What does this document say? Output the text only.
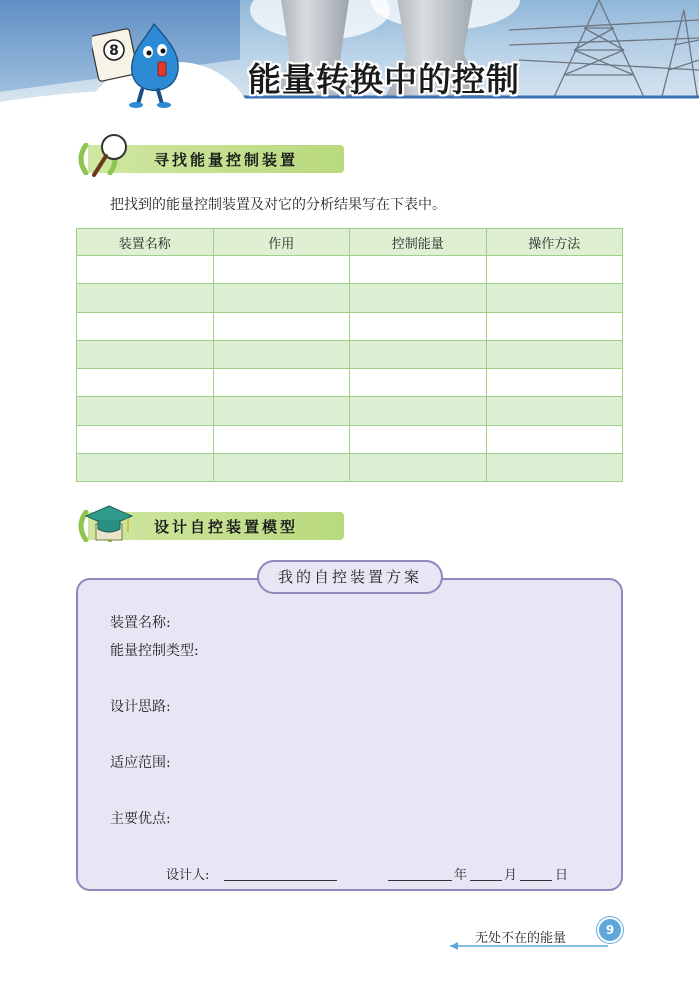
8
能量转换中的控制
寻找能量控制装置
把找到的能量控制装置及对它的分析结果写在下表中。
装置名称	作用	控制能量	操作方法

设计自控装置模型
我的自控装置方案
装置名称:
能量控制类型:
设计思路:
适应范围:
主要优点:
设计人:	年	月	日
无处不在的能量
9
